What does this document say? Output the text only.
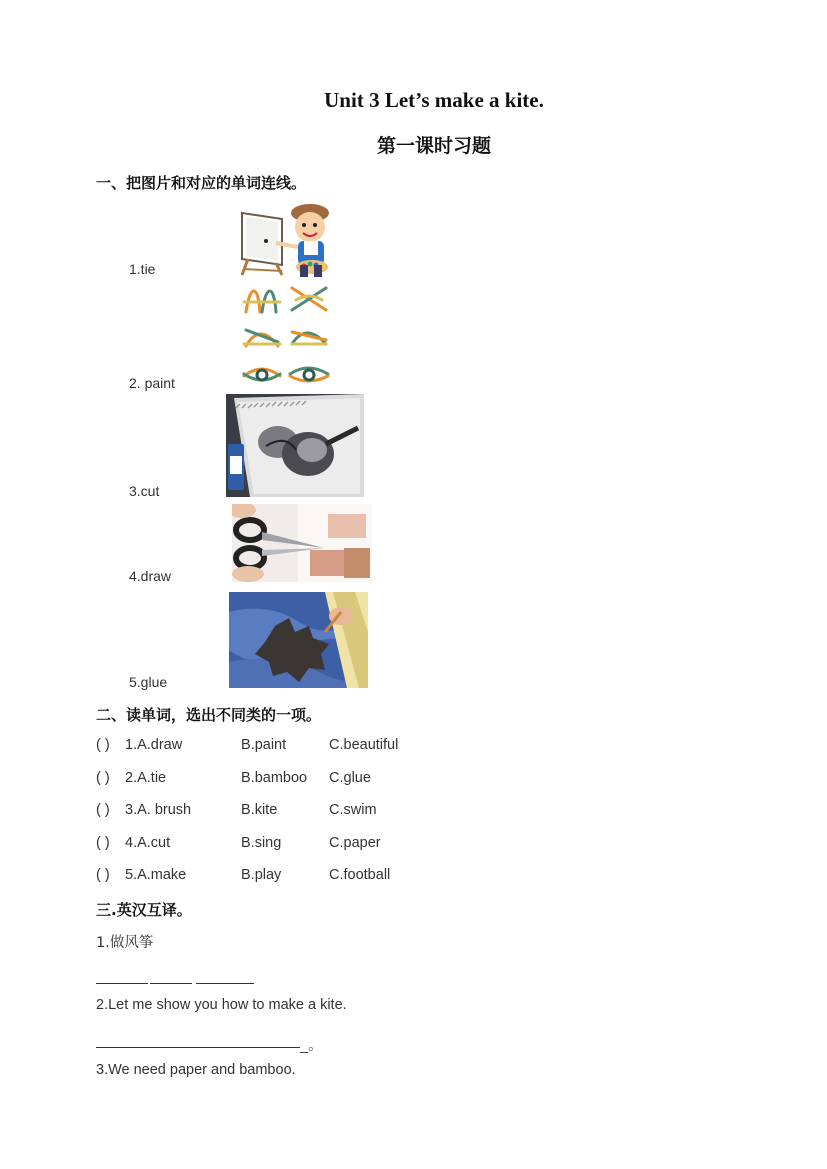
Unit 3 Let’s make a kite.
第一课时习题
一、把图片和对应的单词连线。
1.tie
2. paint
3.cut
4.draw
5.glue
二、读单词，选出不同类的一项。
( ) 1.A.draw	B.paint	C.beautiful
( ) 2.A.tie	B.bamboo C.glue
( ) 3.A. brush	B.kite	C.swim
( ) 4.A.cut	B.sing	C.paper
( ) 5.A.make	B.play	C.football
三.英汉互译。
1.做风筝
2.Let me show you how to make a kite.
_。
3.We need paper and bamboo.
